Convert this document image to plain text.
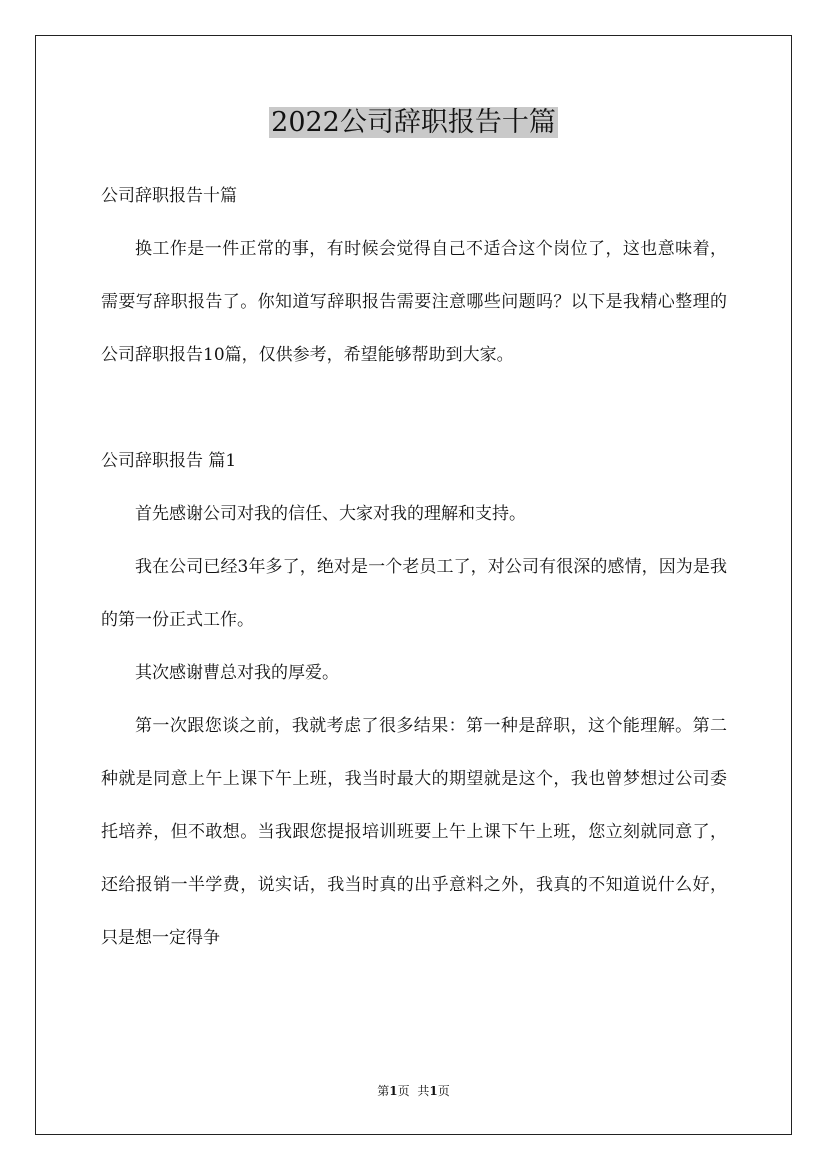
2022公司辞职报告十篇

公司辞职报告十篇

换工作是一件正常的事，有时候会觉得自己不适合这个岗位了，这也意味着，需要写辞职报告了。你知道写辞职报告需要注意哪些问题吗？以下是我精心整理的公司辞职报告10篇，仅供参考，希望能够帮助到大家。

公司辞职报告 篇1

首先感谢公司对我的信任、大家对我的理解和支持。

我在公司已经3年多了，绝对是一个老员工了，对公司有很深的感情，因为是我的第一份正式工作。

其次感谢曹总对我的厚爱。

第一次跟您谈之前，我就考虑了很多结果：第一种是辞职，这个能理解。第二种就是同意上午上课下午上班，我当时最大的期望就是这个，我也曾梦想过公司委托培养，但不敢想。当我跟您提报培训班要上午上课下午上班，您立刻就同意了，还给报销一半学费，说实话，我当时真的出乎意料之外，我真的不知道说什么好，只是想一定得争

第1页 共1页
